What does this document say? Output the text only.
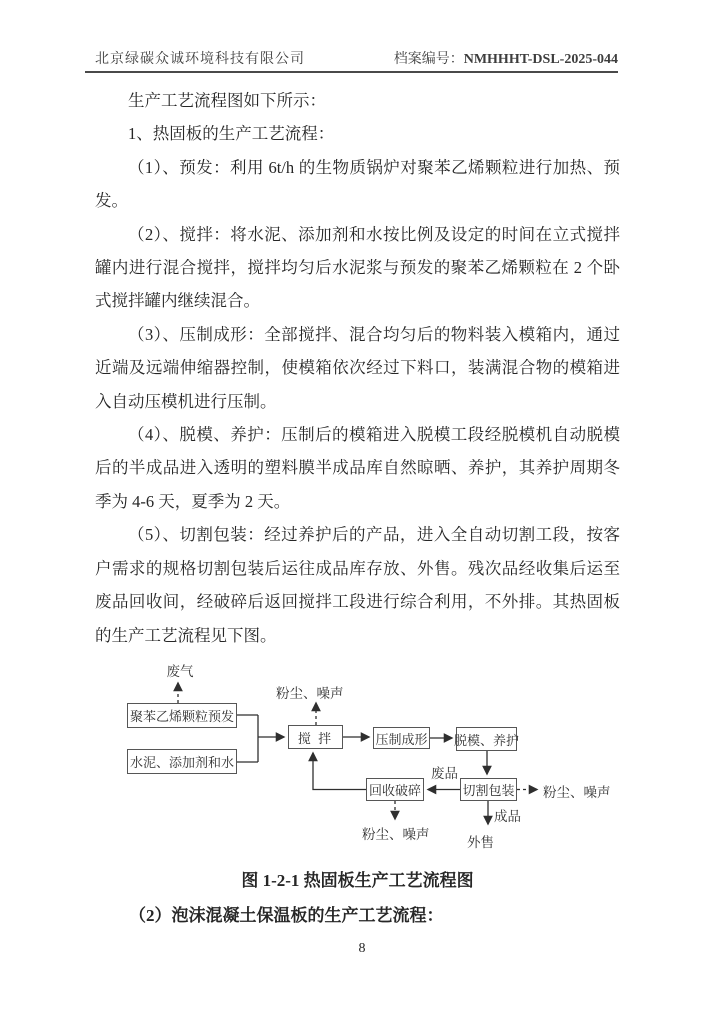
北京绿碳众诚环境科技有限公司	档案编号：NMHHHT-DSL-2025-044

生产工艺流程图如下所示：

1、热固板的生产工艺流程：

（1）、预发：利用 6t/h 的生物质锅炉对聚苯乙烯颗粒进行加热、预发。

（2）、搅拌：将水泥、添加剂和水按比例及设定的时间在立式搅拌罐内进行混合搅拌，搅拌均匀后水泥浆与预发的聚苯乙烯颗粒在 2 个卧式搅拌罐内继续混合。

（3）、压制成形：全部搅拌、混合均匀后的物料装入模箱内，通过近端及远端伸缩器控制，使模箱依次经过下料口，装满混合物的模箱进入自动压模机进行压制。

（4）、脱模、养护：压制后的模箱进入脱模工段经脱模机自动脱模后的半成品进入透明的塑料膜半成品库自然晾晒、养护，其养护周期冬季为 4-6 天，夏季为 2 天。

（5）、切割包装：经过养护后的产品，进入全自动切割工段，按客户需求的规格切割包装后运往成品库存放、外售。残次品经收集后运至废品回收间，经破碎后返回搅拌工段进行综合利用，不外排。其热固板的生产工艺流程见下图。

聚苯乙烯颗粒预发
水泥、添加剂和水
搅 拌	压制成形 脱模、养护
回收破碎	切割包装
废气
粉尘、噪声
废品
粉尘、噪声
成品
外售
粉尘、噪声
图 1-2-1 热固板生产工艺流程图
（2）泡沫混凝土保温板的生产工艺流程：
8
